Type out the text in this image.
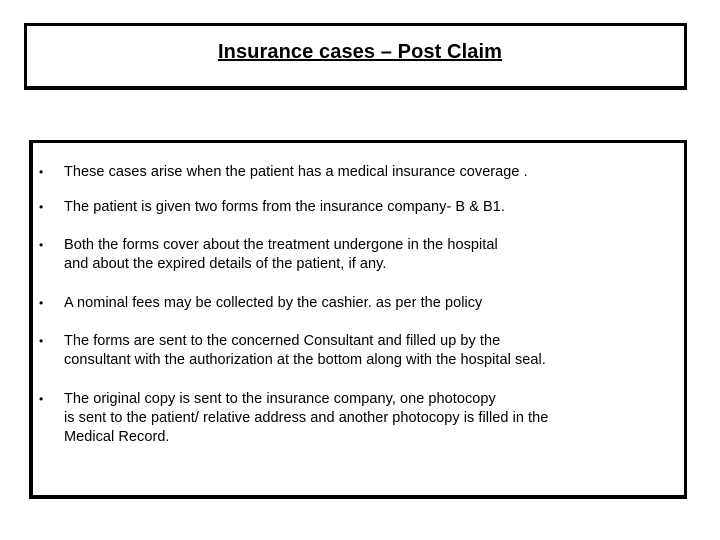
Insurance cases – Post Claim
• These cases arise when the patient has a medical insurance coverage .
• The patient is given two forms from the insurance company- B & B1.
• Both the forms cover about the treatment undergone in the hospital
and about the expired details of the patient, if any.
• A nominal fees may be collected by the cashier. as per the policy
• The forms are sent to the concerned Consultant and filled up by the
consultant with the authorization at the bottom along with the hospital seal.
• The original copy is sent to the insurance company, one photocopy
is sent to the patient/ relative address and another photocopy is filled in the
Medical Record.
